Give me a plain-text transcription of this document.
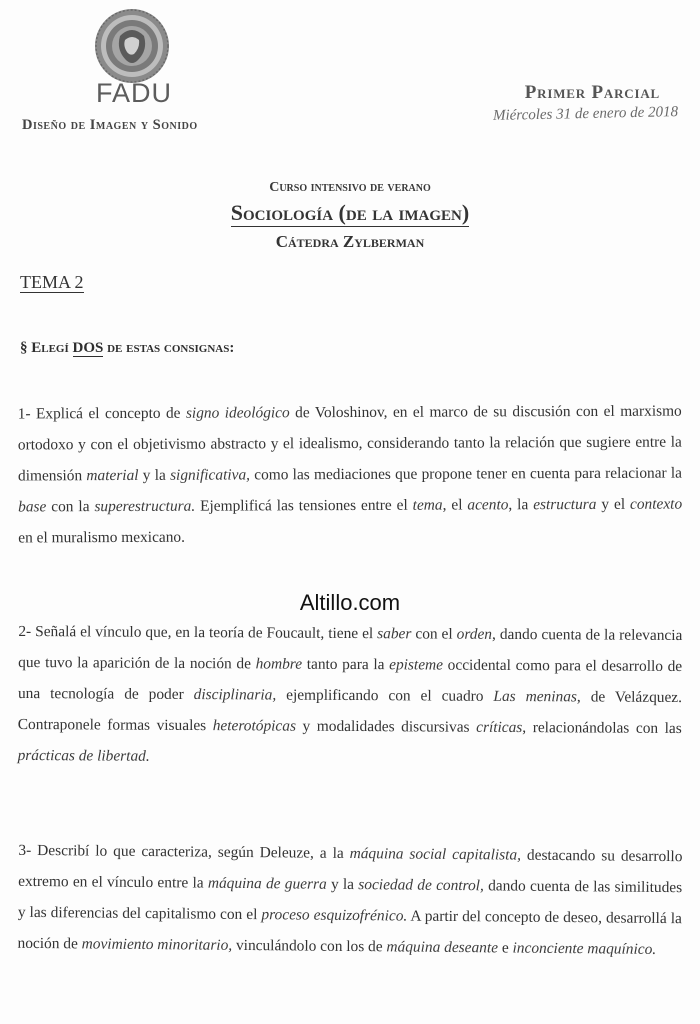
FADU
Diseño de Imagen y Sonido
Primer Parcial
Miércoles 31 de enero de 2018
Curso intensivo de verano
Sociología (de la imagen)
Cátedra Zylberman
TEMA 2
§ Elegí DOS de estas consignas:

1- Explicá el concepto de signo ideológico de Voloshinov, en el marco de su discusión con el marxismo ortodoxo y con el objetivismo abstracto y el idealismo, considerando tanto la relación que sugiere entre la dimensión material y la significativa, como las mediaciones que propone tener en cuenta para relacionar la base con la superestructura. Ejemplificá las tensiones entre el tema, el acento, la estructura y el contexto en el muralismo mexicano.

Altillo.com

2- Señalá el vínculo que, en la teoría de Foucault, tiene el saber con el orden, dando cuenta de la relevancia que tuvo la aparición de la noción de hombre tanto para la episteme occidental como para el desarrollo de una tecnología de poder disciplinaria, ejemplificando con el cuadro Las meninas, de Velázquez. Contraponele formas visuales heterotópicas y modalidades discursivas críticas, relacionándolas con las prácticas de libertad.

3- Describí lo que caracteriza, según Deleuze, a la máquina social capitalista, destacando su desarrollo extremo en el vínculo entre la máquina de guerra y la sociedad de control, dando cuenta de las similitudes y las diferencias del capitalismo con el proceso esquizofrénico. A partir del concepto de deseo, desarrollá la noción de movimiento minoritario, vinculándolo con los de máquina deseante e inconciente maquínico.
